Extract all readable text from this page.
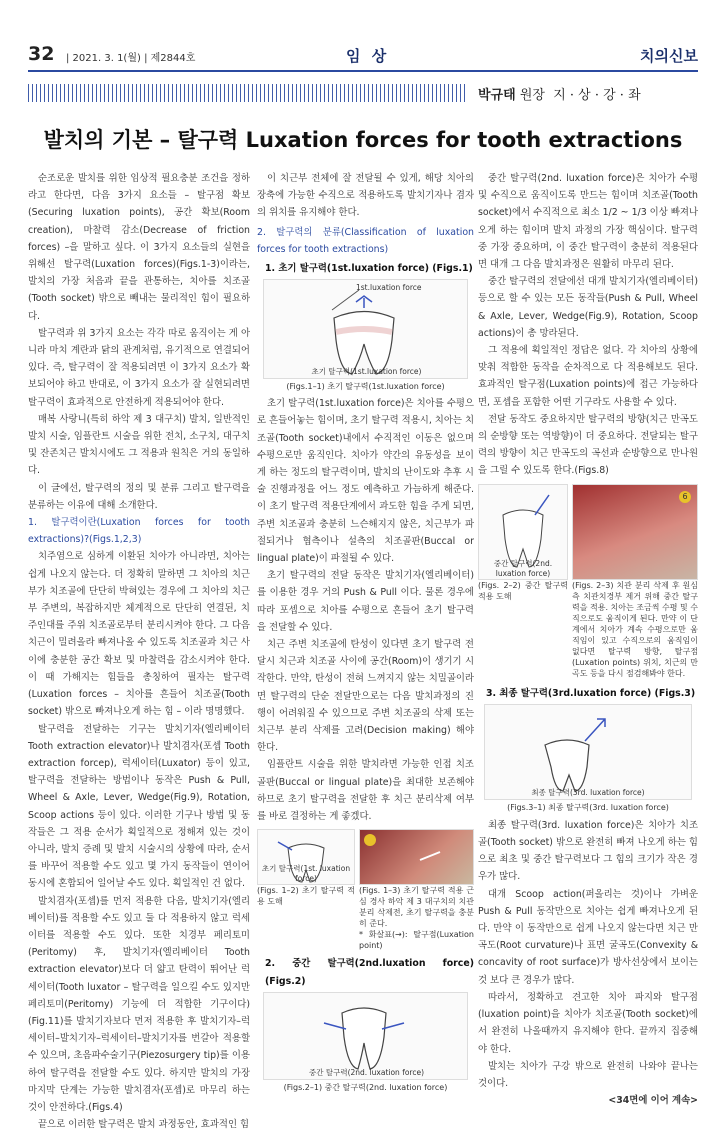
32 | 2021. 3. 1(월) | 제2844호	임 상	치의신보
박규태 원장 지 · 상 · 강 · 좌
발치의 기본 – 탈구력 Luxation forces for tooth extractions

순조로운 발치를 위한 임상적 필요충분 조건을 정하라고 한다면, 다음 3가지 요소들 – 탈구점 확보(Securing luxation points), 공간 확보(Room creation), 마찰력 감소(Decrease of friction forces) –을 말하고 싶다. 이 3가지 요소들의 실현을 위해선 탈구력(Luxation forces)(Figs.1-3)이라는, 발치의 가장 처음과 끝을 관통하는, 치아를 치조골(Tooth socket) 밖으로 빼내는 물리적인 힘이 필요하다.

탈구력과 위 3가지 요소는 각각 따로 움직이는 게 아니라 마치 계란과 닭의 관계처럼, 유기적으로 연결되어 있다. 즉, 탈구력이 잘 적용되려면 이 3가지 요소가 확보되어야 하고 반대로, 이 3가지 요소가 잘 실현되려면 탈구력이 효과적으로 안전하게 적용되어야 한다.

매복 사랑니(특히 하악 제 3 대구치) 발치, 일반적인 발치 시술, 임플란트 시술을 위한 전치, 소구치, 대구치 및 잔존치근 발치시에도 그 적용과 원칙은 거의 동일하다.

이 글에선, 탈구력의 정의 및 분류 그리고 탈구력을 분류하는 이유에 대해 소개한다.

1. 탈구력이란(Luxation forces for tooth extractions)?(Figs.1,2,3)

치주염으로 심하게 이환된 치아가 아니라면, 치아는 쉽게 나오지 않는다. 더 정확히 말하면 그 치아의 치근부가 치조골에 단단히 박혀있는 경우에 그 치아의 치근부 주변의, 복잡하지만 체계적으로 단단히 연결된, 치주인대를 주위 치조골로부터 분리시켜야 한다. 그 다음 치근이 밀려올라 빠져나올 수 있도록 치조골과 치근 사이에 충분한 공간 확보 및 마찰력을 감소시켜야 한다. 이 때 가해지는 힘들을 총칭하여 필자는 탈구력(Luxation forces – 치아를 흔들어 치조골(Tooth socket) 밖으로 빠져나오게 하는 힘 – 이라 명명했다.

탈구력을 전달하는 기구는 발치기자(엘리베이터 Tooth extraction elevator)나 발치겸자(포셉 Tooth extraction forcep), 럭세이터(Luxator) 등이 있고, 탈구력을 전달하는 방법이나 동작은 Push & Pull, Wheel & Axle, Lever, Wedge(Fig.9), Rotation, Scoop actions 등이 있다. 이러한 기구나 방법 및 동작들은 그 적용 순서가 획일적으로 정해져 있는 것이 아니라, 발치 증례 및 발치 시술시의 상황에 따라, 순서를 바꾸어 적용할 수도 있고 몇 가지 동작들이 연이어 동시에 혼합되어 일어날 수도 있다. 획일적인 건 없다.

발치겸자(포셉)를 먼저 적용한 다음, 발치기자(엘리베이터)를 적용할 수도 있고 둘 다 적용하지 않고 럭세이터를 적용할 수도 있다. 또한 치경부 페리토미(Peritomy) 후, 발치기자(엘리베이터 Tooth extraction elevator)보다 더 얇고 탄력이 뛰어난 럭세이터(Tooth luxator – 탈구력을 일으킬 수도 있지만 페리토미(Peritomy) 기능에 더 적합한 기구이다) (Fig.11)를 발치기자보다 먼저 적용한 후 발치기자–럭세이터–발치기자–럭세이터–발치기자를 번갈아 적용할 수 있으며, 초음파수술기구(Piezosurgery tip)를 이용하여 탈구력을 전달할 수도 있다. 하지만 발치의 가장 마지막 단계는 가능한 발치겸자(포셉)로 마무리 하는 것이 안전하다.(Figs.4)

끝으로 이러한 탈구력은 발치 과정동안, 효과적인 힘

이 치근부 전체에 잘 전달될 수 있게, 해당 치아의 장축에 가능한 수직으로 적용하도록 발치기자나 겸자의 위치를 유지해야 한다.

2. 탈구력의 분류(Classification of luxation forces for tooth extractions)
1. 초기 탈구력(1st.luxation force) (Figs.1)
1st.luxation force
초기 탈구력(1st.luxation force)
(Figs.1–1) 초기 탈구력(1st.luxation force)

초기 탈구력(1st.luxation force)은 치아를 수평으로 흔들어놓는 힘이며, 초기 탈구력 적용시, 치아는 치조골(Tooth socket)내에서 수직적인 이동은 없으며 수평으로만 움직인다. 치아가 약간의 유동성을 보이게 하는 정도의 탈구력이며, 발치의 난이도와 추후 시술 진행과정을 어느 정도 예측하고 가늠하게 해준다. 이 초기 탈구력 적용단계에서 과도한 힘을 주게 되면, 주변 치조골과 충분히 느슨해지지 않은, 치근부가 파절되거나 협측이나 설측의 치조골판(Buccal or lingual plate)이 파절될 수 있다.

초기 탈구력의 전달 동작은 발치기자(엘리베이터)를 이용한 경우 거의 Push & Pull 이다. 물론 경우에 따라 포셉으로 치아를 수평으로 흔들어 초기 탈구력을 전달할 수 있다.

치근 주변 치조골에 탄성이 있다면 초기 탈구력 전달시 치근과 치조골 사이에 공간(Room)이 생기기 시작한다. 만약, 탄성이 전혀 느껴지지 않는 치밀골이라면 탈구력의 단순 전달만으로는 다음 발치과정의 진행이 어려워질 수 있으므로 주변 치조골의 삭제 또는 치근부 분리 삭제를 고려(Decision making) 해야 한다.

임플란트 시술을 위한 발치라면 가능한 인접 치조골판(Buccal or lingual plate)을 최대한 보존해야 하므로 초기 탈구력을 전달한 후 치근 분리삭제 여부를 바로 결정하는 게 좋겠다.

초기 탈구력(1st. luxation force)
(Figs. 1–2) 초기 탈구력 적용 도해
(Figs. 1–3) 초기 탈구력 적용 근심 경사 하악 제 3 대구치의 치관 분리 삭제전, 초기 탈구력을 충분히 준다.
* 화살표(→): 탈구점(Luxation point)
2. 중간 탈구력(2nd.luxation force) (Figs.2)
중간 탈구력(2nd. luxation force)
(Figs.2–1) 중간 탈구력(2nd. luxation force)

중간 탈구력(2nd. luxation force)은 치아가 수평 및 수직으로 움직이도록 만드는 힘이며 치조골(Tooth socket)에서 수직적으로 최소 1/2 ~ 1/3 이상 빠져나오게 하는 힘이며 발치 과정의 가장 핵심이다. 탈구력 중 가장 중요하며, 이 중간 탈구력이 충분히 적용된다면 대개 그 다음 발치과정은 원활히 마무리 된다.

중간 탈구력의 전달에선 대개 발치기자(엘리베이터) 등으로 할 수 있는 모든 동작들(Push & Pull, Wheel & Axle, Lever, Wedge(Fig.9), Rotation, Scoop actions)이 총 망라된다.

그 적용에 획일적인 정답은 없다. 각 치아의 상황에 맞춰 적합한 동작을 순차적으로 다 적용해보도 된다. 효과적인 탈구점(Luxation points)에 접근 가능하다면, 포셉을 포함한 어떤 기구라도 사용할 수 있다.

전달 동작도 중요하지만 탈구력의 방향(치근 만곡도의 순방향 또는 역방향)이 더 중요하다. 전달되는 탈구력의 방향이 치근 만곡도의 곡선과 순방향으로 만나원을 그릴 수 있도록 한다.(Figs.8)

중간 탈구력(2nd. luxation force)
(Figs. 2–2) 중간 탈구력 적용 도해
6
(Figs. 2–3) 치관 분리 삭제 후 원심측 치관치경부 제거 위해 중간 탈구력을 적용. 치아는 조금씩 수평 및 수직으로도 움직이게 된다. 만약 이 단계에서 치아가 계속 수평으로만 움직임이 있고 수직으로의 움직임이 없다면 탈구력 방향, 탈구점(Luxation points) 위치, 치근의 만곡도 등을 다시 점검해봐야 한다.
3. 최종 탈구력(3rd.luxation force) (Figs.3)
최종 탈구력(3rd. luxation force)
(Figs.3–1) 최종 탈구력(3rd. luxation force)

최종 탈구력(3rd. luxation force)은 치아가 치조골(Tooth socket) 밖으로 완전히 빠져 나오게 하는 힘으로 최초 및 중간 탈구력보다 그 힘의 크기가 작은 경우가 많다.

대개 Scoop action(퍼올리는 것)이나 가벼운 Push & Pull 동작만으로 치아는 쉽게 빠져나오게 된다. 만약 이 동작만으로 쉽게 나오지 않는다면 치근 만곡도(Root curvature)나 표면 굴곡도(Convexity & concavity of root surface)가 방사선상에서 보이는 것 보다 큰 경우가 많다.

따라서, 정확하고 견고한 치아 파지와 탈구점(luxation point)을 치아가 치조골(Tooth socket)에서 완전히 나올때까지 유지해야 한다. 끝까지 집중해야 한다.

발치는 치아가 구강 밖으로 완전히 나와야 끝나는 것이다.

<34면에 이어 계속>
